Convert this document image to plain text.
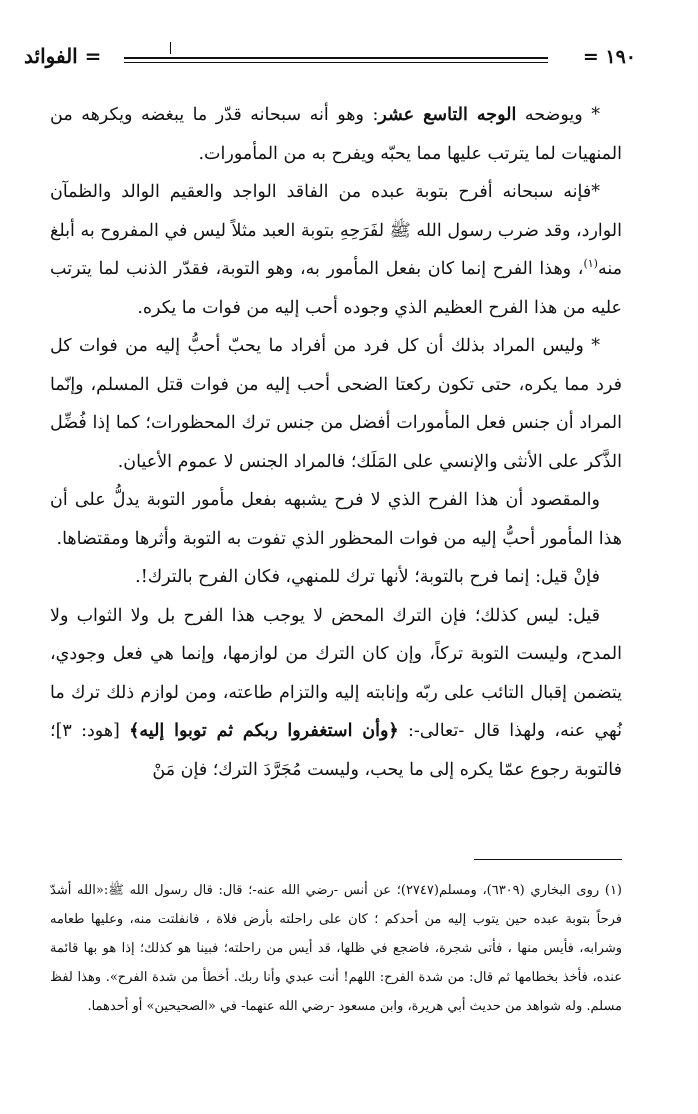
١٩٠ =
= الفوائد

* ويوضحه الوجه التاسع عشر: وهو أنه سبحانه قدّر ما يبغضه ويكرهه من المنهيات لما يترتب عليها مما يحبّه ويفرح به من المأمورات.

*فإنه سبحانه أفرح بتوبة عبده من الفاقد الواجد والعقيم الوالد والظمآن الوارد، وقد ضرب رسول الله ﷺ لفَرَحِهِ بتوبة العبد مثلاً ليس في المفروح به أبلغ منه$^{(١)}$، وهذا الفرح إنما كان بفعل المأمور به، وهو التوبة، فقدّر الذنب لما يترتب عليه من هذا الفرح العظيم الذي وجوده أحب إليه من فوات ما يكره.

* وليس المراد بذلك أن كل فرد من أفراد ما يحبّ أحبُّ إليه من فوات كل فرد مما يكره، حتى تكون ركعتا الضحى أحب إليه من فوات قتل المسلم، وإنّما المراد أن جنس فعل المأمورات أفضل من جنس ترك المحظورات؛ كما إذا فُضِّل الذَّكر على الأنثى والإنسي على المَلَك؛ فالمراد الجنس لا عموم الأعيان.

والمقصود أن هذا الفرح الذي لا فرح يشبهه بفعل مأمور التوبة يدلُّ على أن هذا المأمور أحبُّ إليه من فوات المحظور الذي تفوت به التوبة وأثرها ومقتضاها.

فإنْ قيل: إنما فرح بالتوبة؛ لأنها ترك للمنهي، فكان الفرح بالترك!.

قيل: ليس كذلك؛ فإن الترك المحض لا يوجب هذا الفرح بل ولا الثواب ولا المدح، وليست التوبة تركاً، وإن كان الترك من لوازمها، وإنما هي فعل وجودي، يتضمن إقبال التائب على ربّه وإنابته إليه والتزام طاعته، ومن لوازم ذلك ترك ما نُهي عنه، ولهذا قال -تعالى-: ﴿وأن استغفروا ربكم ثم توبوا إليه﴾ [هود: ٣]؛ فالتوبة رجوع عمّا يكره إلى ما يحب، وليست مُجَرَّدَ الترك؛ فإن مَنْ

(١) روى البخاري (٦٣٠٩)، ومسلم(٢٧٤٧)؛ عن أنس -رضي الله عنه-؛ قال: قال رسول الله ﷺ:«الله أشدّ فرحاً بتوبة عبده حين يتوب إليه من أحدكم ؛ كان على راحلته بأرض فلاة ، فانفلتت منه، وعليها طعامه وشرابه، فأيس منها ، فأتى شجرة، فاضجع في ظلها، قد أيس من راحلته؛ فبينا هو كذلك؛ إذا هو بها قائمة عنده، فأخذ بخطامها ثم قال: من شدة الفرح: اللهم! أنت عبدي وأنا ربك. أخطأ من شدة الفرح». وهذا لفظ مسلم. وله شواهد من حديث أبي هريرة، وابن مسعود -رضي الله عنهما- في «الصحيحين» أو أحدهما.
